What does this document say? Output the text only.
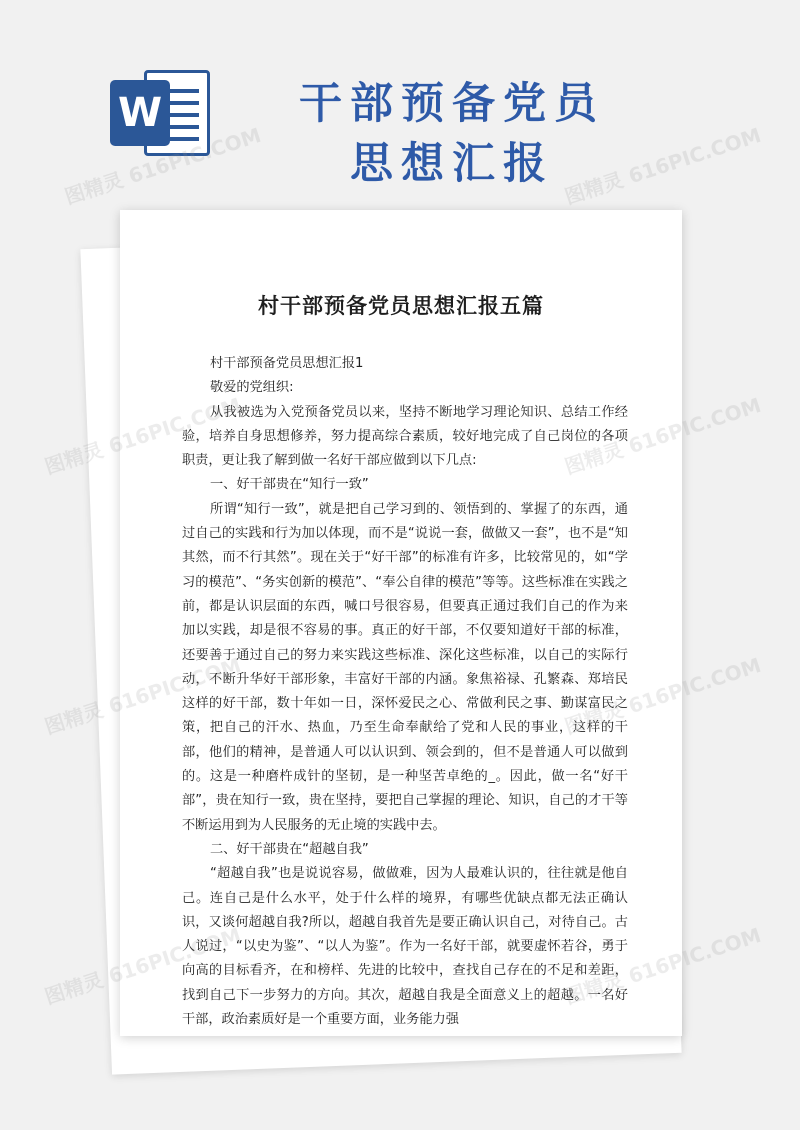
W	干部预备党员
思想汇报
村干部预备党员思想汇报五篇

村干部预备党员思想汇报1

敬爱的党组织:

从我被选为入党预备党员以来，坚持不断地学习理论知识、总结工作经验，培养自身思想修养，努力提高综合素质，较好地完成了自己岗位的各项职责，更让我了解到做一名好干部应做到以下几点:

一、好干部贵在“知行一致”

所谓“知行一致”，就是把自己学习到的、领悟到的、掌握了的东西，通过自己的实践和行为加以体现，而不是“说说一套，做做又一套”，也不是“知其然，而不行其然”。现在关于“好干部”的标准有许多，比较常见的，如“学习的模范”、“务实创新的模范”、“奉公自律的模范”等等。这些标准在实践之前，都是认识层面的东西，喊口号很容易，但要真正通过我们自己的作为来加以实践，却是很不容易的事。真正的好干部，不仅要知道好干部的标准，还要善于通过自己的努力来实践这些标准、深化这些标准，以自己的实际行动，不断升华好干部形象，丰富好干部的内涵。象焦裕禄、孔繁森、郑培民这样的好干部，数十年如一日，深怀爱民之心、常做利民之事、勤谋富民之策，把自己的汗水、热血，乃至生命奉献给了党和人民的事业，这样的干部，他们的精神，是普通人可以认识到、领会到的，但不是普通人可以做到的。这是一种磨杵成针的坚韧，是一种坚苦卓绝的_。因此，做一名“好干部”，贵在知行一致，贵在坚持，要把自己掌握的理论、知识，自己的才干等不断运用到为人民服务的无止境的实践中去。

二、好干部贵在“超越自我”

“超越自我”也是说说容易，做做难，因为人最难认识的，往往就是他自己。连自己是什么水平，处于什么样的境界，有哪些优缺点都无法正确认识，又谈何超越自我?所以，超越自我首先是要正确认识自己，对待自己。古人说过，“以史为鉴”、“以人为鉴”。作为一名好干部，就要虚怀若谷，勇于向高的目标看齐，在和榜样、先进的比较中，查找自己存在的不足和差距，找到自己下一步努力的方向。其次，超越自我是全面意义上的超越。一名好干部，政治素质好是一个重要方面，业务能力强

图精灵 616PIC.COM	图精灵 616PIC.COM
图精灵
616PIC.COM
图精灵
616PIC.COM
图精灵
616PIC.COM
